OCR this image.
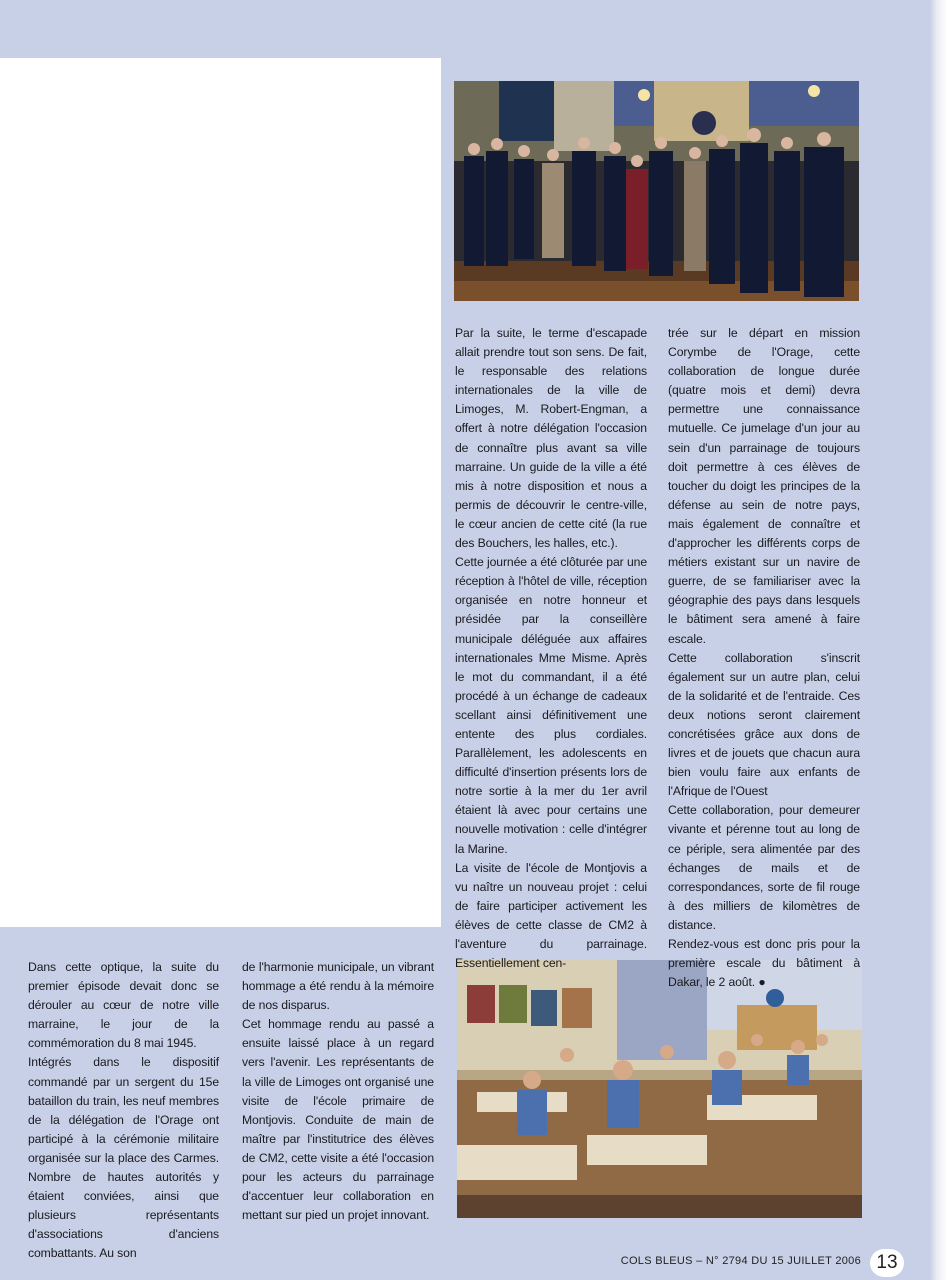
Par la suite, le terme d'escapade allait prendre tout son sens. De fait, le responsable des relations internationales de la ville de Limoges, M. Robert-Engman, a offert à notre délégation l'occasion de connaître plus avant sa ville marraine. Un guide de la ville a été mis à notre disposition et nous a permis de découvrir le centre-ville, le cœur ancien de cette cité (la rue des Bouchers, les halles, etc.).

Cette journée a été clôturée par une réception à l'hôtel de ville, réception organisée en notre honneur et présidée par la conseillère municipale déléguée aux affaires internationales Mme Misme. Après le mot du commandant, il a été procédé à un échange de cadeaux scellant ainsi définitivement une entente des plus cordiales. Parallèlement, les adolescents en difficulté d'insertion présents lors de notre sortie à la mer du 1er avril étaient là avec pour certains une nouvelle motivation : celle d'intégrer la Marine.

La visite de l'école de Montjovis a vu naître un nouveau projet : celui de faire participer activement les élèves de cette classe de CM2 à l'aventure du parrainage. Essentiellement cen-

trée sur le départ en mission Corymbe de l'Orage, cette collaboration de longue durée (quatre mois et demi) devra permettre une connaissance mutuelle. Ce jumelage d'un jour au sein d'un parrainage de toujours doit permettre à ces élèves de toucher du doigt les principes de la défense au sein de notre pays, mais également de connaître et d'approcher les différents corps de métiers existant sur un navire de guerre, de se familiariser avec la géographie des pays dans lesquels le bâtiment sera amené à faire escale.

Cette collaboration s'inscrit également sur un autre plan, celui de la solidarité et de l'entraide. Ces deux notions seront clairement concrétisées grâce aux dons de livres et de jouets que chacun aura bien voulu faire aux enfants de l'Afrique de l'Ouest

Cette collaboration, pour demeurer vivante et pérenne tout au long de ce périple, sera alimentée par des échanges de mails et de correspondances, sorte de fil rouge à des milliers de kilomètres de distance.

Rendez-vous est donc pris pour la première escale du bâtiment à Dakar, le 2 août. ●

Dans cette optique, la suite du premier épisode devait donc se dérouler au cœur de notre ville marraine, le jour de la commémoration du 8 mai 1945.

Intégrés dans le dispositif commandé par un sergent du 15e bataillon du train, les neuf membres de la délégation de l'Orage ont participé à la cérémonie militaire organisée sur la place des Carmes. Nombre de hautes autorités y étaient conviées, ainsi que plusieurs représentants d'associations d'anciens combattants. Au son

de l'harmonie municipale, un vibrant hommage a été rendu à la mémoire de nos disparus.

Cet hommage rendu au passé a ensuite laissé place à un regard vers l'avenir. Les représentants de la ville de Limoges ont organisé une visite de l'école primaire de Montjovis. Conduite de main de maître par l'institutrice des élèves de CM2, cette visite a été l'occasion pour les acteurs du parrainage d'accentuer leur collaboration en mettant sur pied un projet innovant.

COLS BLEUS – N° 2794 DU 15 JUILLET 2006 13
